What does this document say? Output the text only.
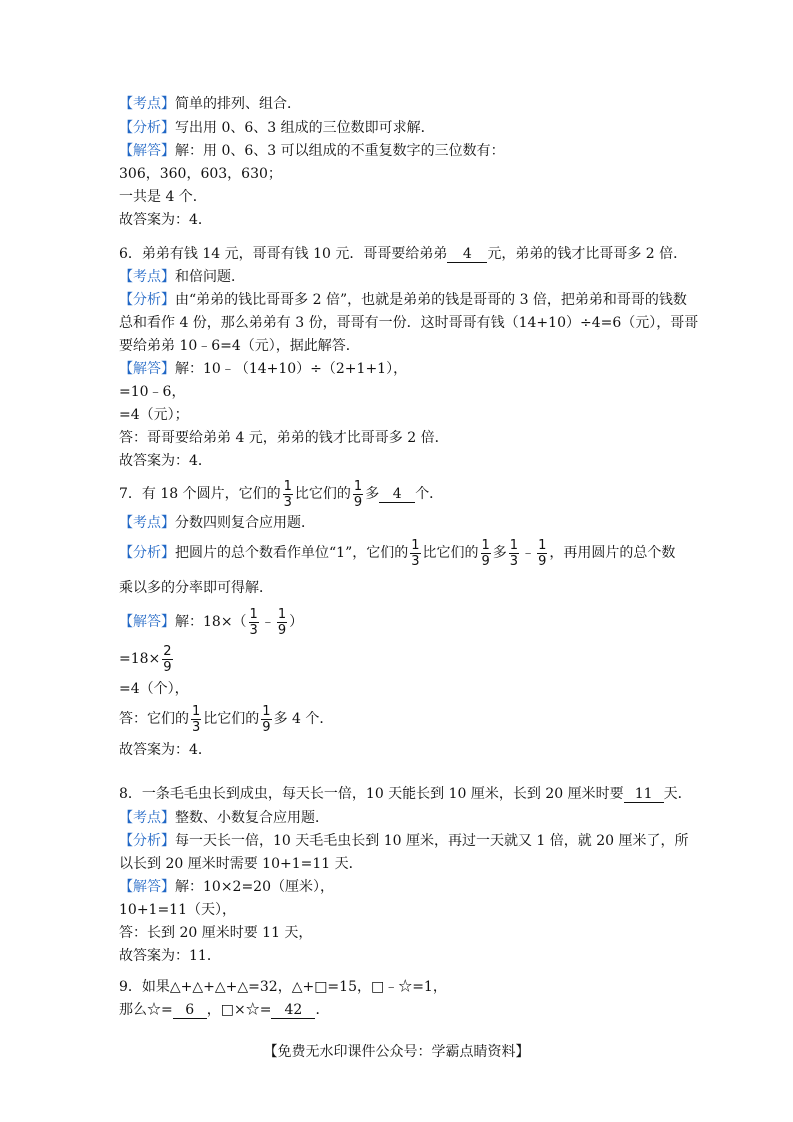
【考点】简单的排列、组合．
【分析】写出用 0、6、3 组成的三位数即可求解．
【解答】解：用 0、6、3 可以组成的不重复数字的三位数有：
306，360，603，630；
一共是 4 个．
故答案为：4．
6．弟弟有钱 14 元，哥哥有钱 10 元．哥哥要给弟弟 4 元，弟弟的钱才比哥哥多 2 倍．
【考点】和倍问题．
【分析】由“弟弟的钱比哥哥多 2 倍”，也就是弟弟的钱是哥哥的 3 倍，把弟弟和哥哥的钱数
总和看作 4 份，那么弟弟有 3 份，哥哥有一份．这时哥哥有钱（14+10）÷4=6（元），哥哥
要给弟弟 10﹣6=4（元），据此解答．
【解答】解：10﹣（14+10）÷（2+1+1），
=10﹣6，
=4（元）；
答：哥哥要给弟弟 4 元，弟弟的钱才比哥哥多 2 倍．
故答案为：4．
7．有 18 个圆片，它们的 $\frac{1}{3}$ 比它们的 $\frac{1}{9}$ 多 4 个．
【考点】分数四则复合应用题．
【分析】把圆片的总个数看作单位“1”，它们的 $\frac{1}{3}$ 比它们的 $\frac{1}{9}$ 多 $\frac{1}{3}$ ﹣ $\frac{1}{9}$ ，再用圆片的总个数
乘以多的分率即可得解．
【解答】解：$18\times( \frac{1}{3}$ ﹣ $\frac{1}{9}$ ）
$=18\times \frac{2}{9}$
=4（个），
答：它们的 $\frac{1}{3}$ 比它们的 $\frac{1}{9}$ 多 4 个．
故答案为：4．
8．一条毛毛虫长到成虫，每天长一倍，10 天能长到 10 厘米，长到 20 厘米时要 11 天．
【考点】整数、小数复合应用题．
【分析】每一天长一倍，10 天毛毛虫长到 10 厘米，再过一天就又 1 倍，就 20 厘米了，所
以长到 20 厘米时需要 10+1=11 天．
【解答】解：10×2=20（厘米），
10+1=11（天），
答：长到 20 厘米时要 11 天，
故答案为：11．
9．如果△+△+△+△=32，△+□=15，□﹣☆=1，
那么☆= 6 ，□×☆= 42 ．
【免费无水印课件公众号：学霸点睛资料】
